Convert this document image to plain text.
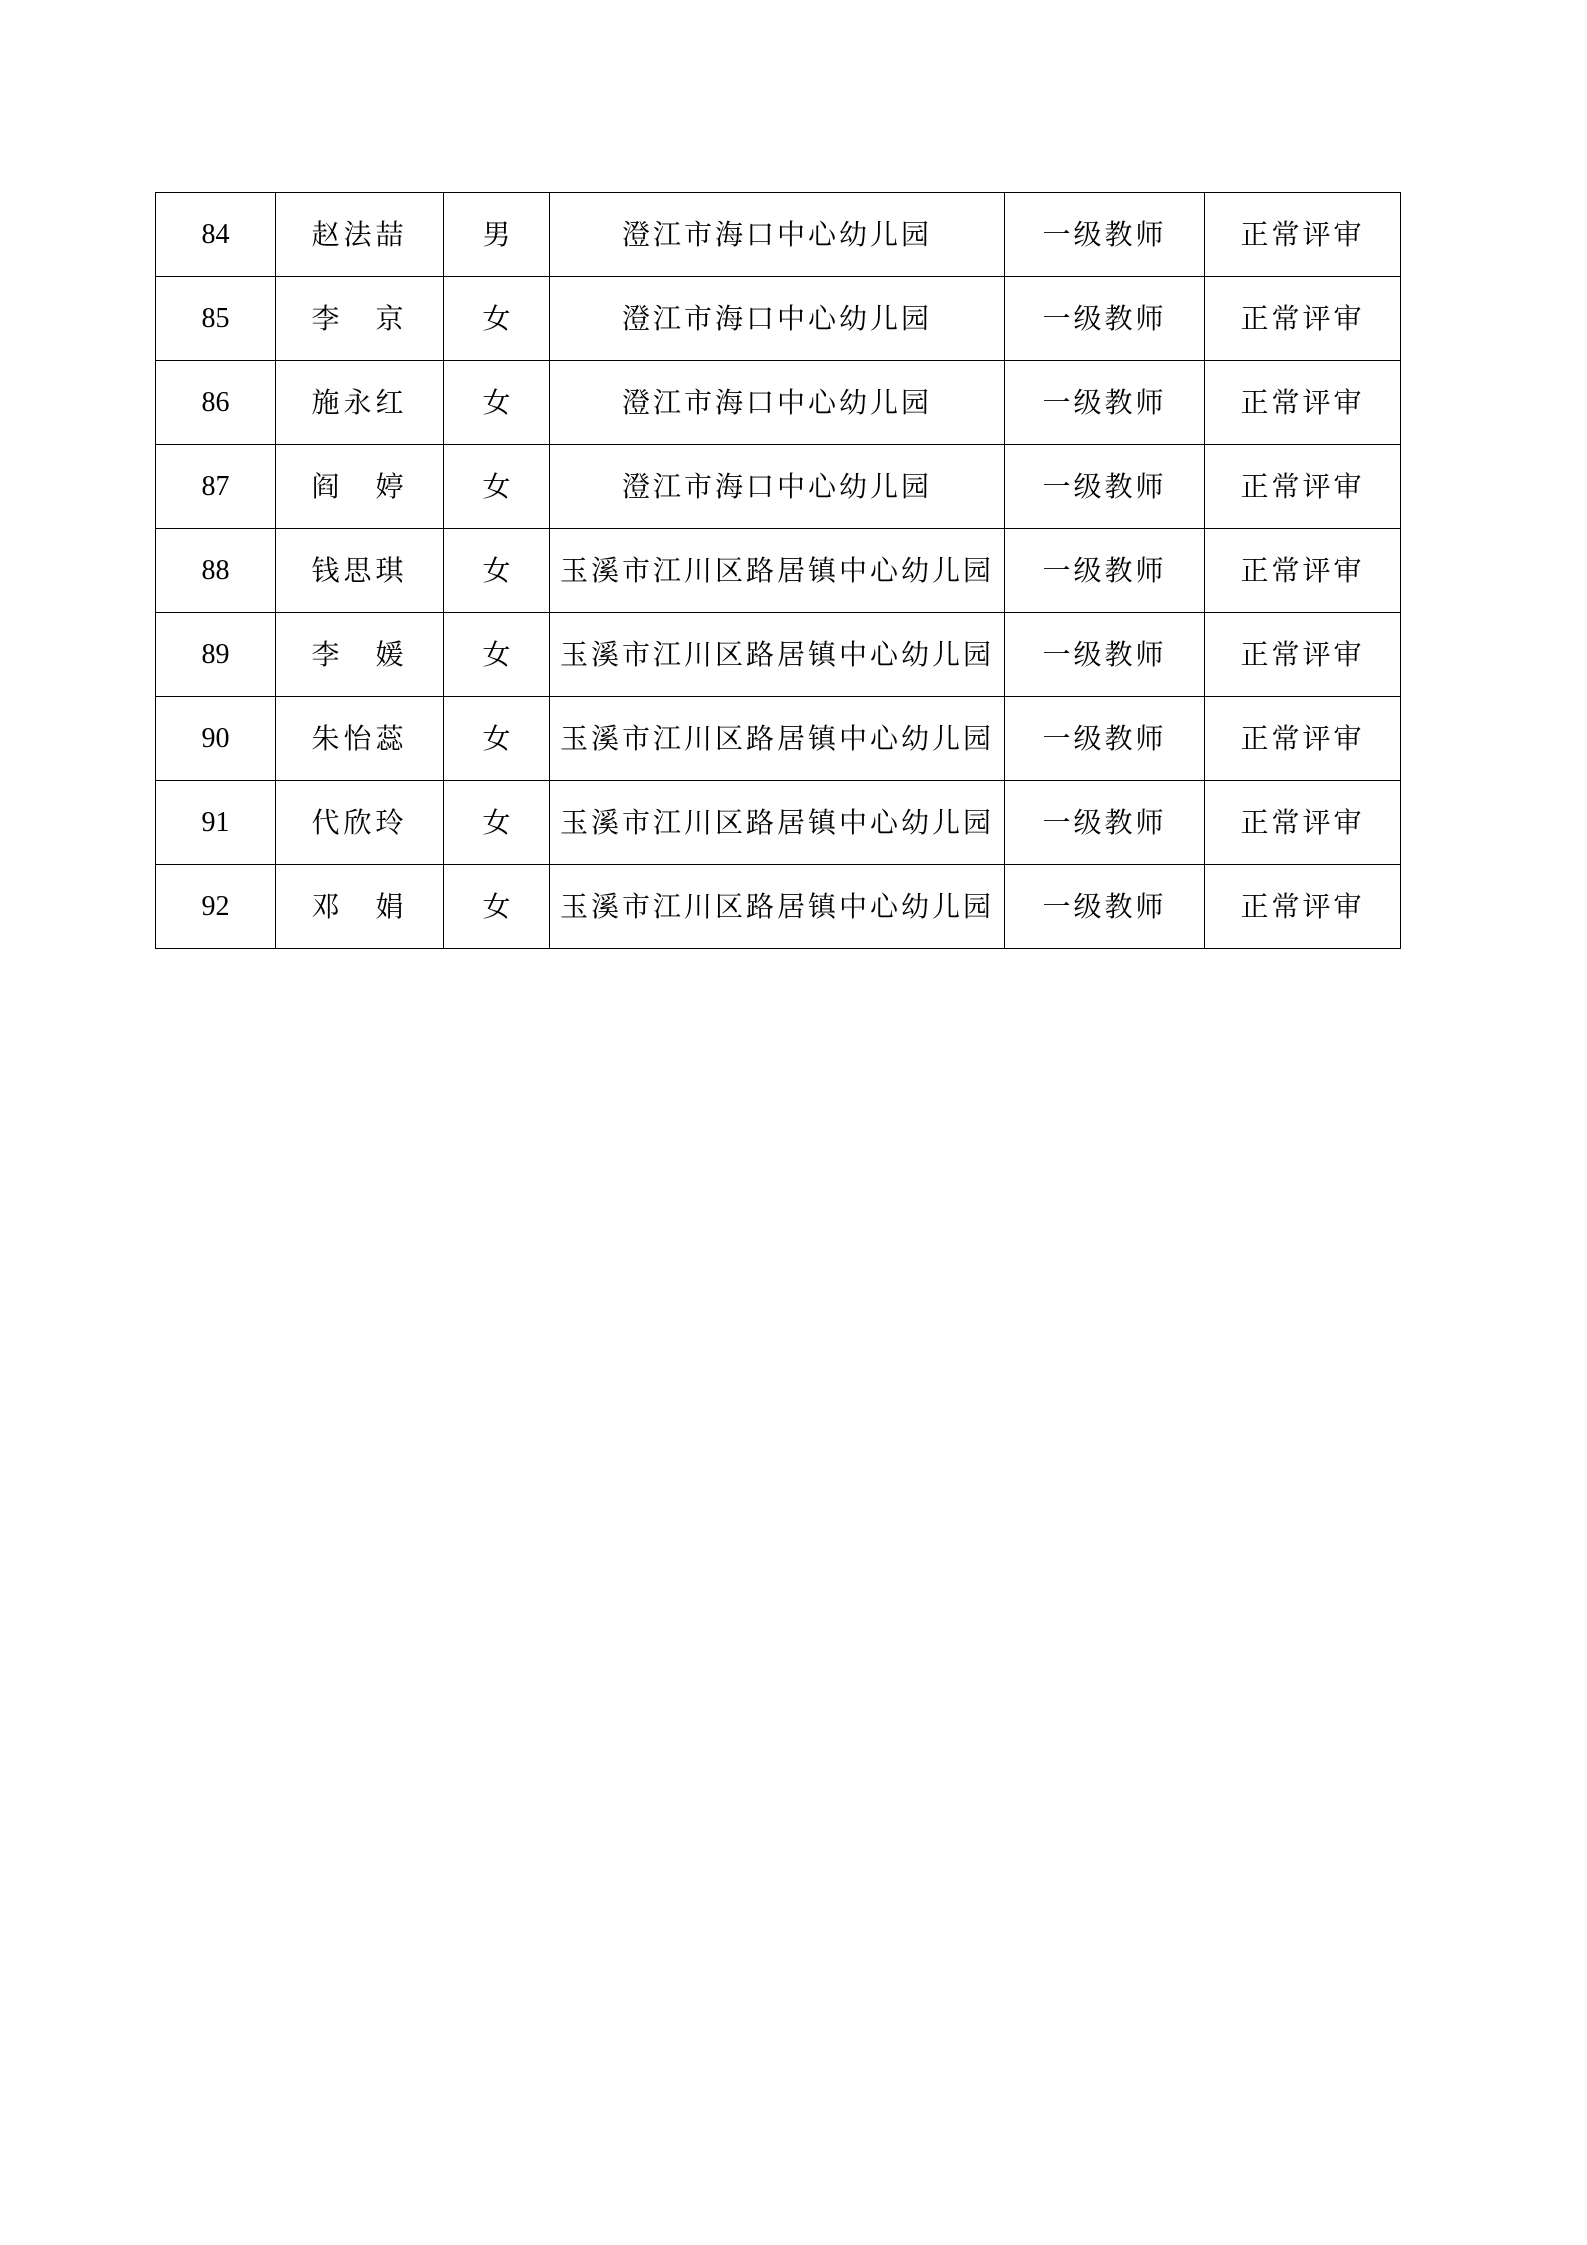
84	赵法喆	男	澄江市海口中心幼儿园	一级教师	正常评审
85	李　京	女	澄江市海口中心幼儿园	一级教师	正常评审
86	施永红	女	澄江市海口中心幼儿园	一级教师	正常评审
87	阎　婷	女	澄江市海口中心幼儿园	一级教师	正常评审
88	钱思琪	女	玉溪市江川区路居镇中心幼儿园	一级教师	正常评审
89	李　媛	女	玉溪市江川区路居镇中心幼儿园	一级教师	正常评审
90	朱怡蕊	女	玉溪市江川区路居镇中心幼儿园	一级教师	正常评审
91	代欣玲	女	玉溪市江川区路居镇中心幼儿园	一级教师	正常评审
92	邓　娟	女	玉溪市江川区路居镇中心幼儿园	一级教师	正常评审
